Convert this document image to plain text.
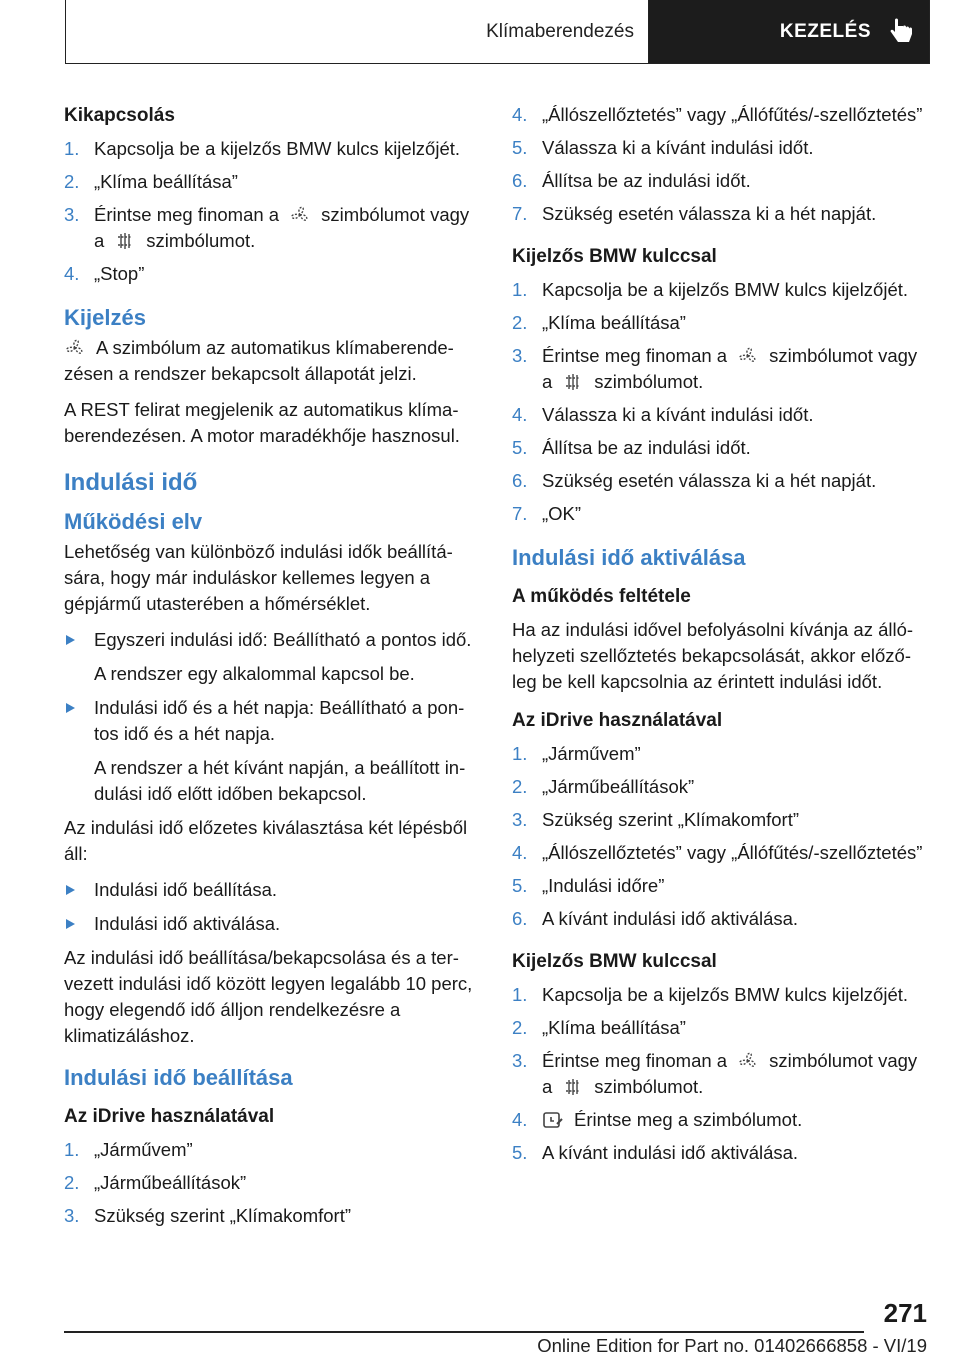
Klímaberendezés	KEZELÉS
Kikapcsolás
1. Kapcsolja be a kijelzős BMW kulcs kijelzőjét.
2. „Klíma beállítása”
3. Érintse meg finoman a szimbólumot vagy a szimbólumot.
4. „Stop”
Kijelzés

A szimbólum az automatikus klímaberendezésen a rendszer bekapcsolt állapotát jelzi.

A REST felirat megjelenik az automatikus klímaberendezésen. A motor maradékhője hasznosul.

Indulási idő
Működési elv

Lehetőség van különböző indulási idők beállítására, hogy már induláskor kellemes legyen a gépjármű utasterében a hőmérséklet.

Egyszeri indulási idő: Beállítható a pontos idő.
A rendszer egy alkalommal kapcsol be.
Indulási idő és a hét napja: Beállítható a pontos idő és a hét napja.
A rendszer a hét kívánt napján, a beállított indulási idő előtt időben bekapcsol.

Az indulási idő előzetes kiválasztása két lépésből áll:

Indulási idő beállítása.
Indulási idő aktiválása.

Az indulási idő beállítása/bekapcsolása és a tervezett indulási idő között legyen legalább 10 perc, hogy elegendő idő álljon rendelkezésre a klimatizáláshoz.

Indulási idő beállítása
Az iDrive használatával
1. „Járművem”
2. „Járműbeállítások”
3. Szükség szerint „Klímakomfort”
4. „Állószellőztetés” vagy „Állófűtés/-szellőztetés”
5. Válassza ki a kívánt indulási időt.
6. Állítsa be az indulási időt.
7. Szükség esetén válassza ki a hét napját.
Kijelzős BMW kulccsal
1. Kapcsolja be a kijelzős BMW kulcs kijelzőjét.
2. „Klíma beállítása”
3. Érintse meg finoman a szimbólumot vagy a szimbólumot.
4. Válassza ki a kívánt indulási időt.
5. Állítsa be az indulási időt.
6. Szükség esetén válassza ki a hét napját.
7. „OK”
Indulási idő aktiválása
A működés feltétele

Ha az indulási idővel befolyásolni kívánja az állóhelyzeti szellőztetés bekapcsolását, akkor előzőleg be kell kapcsolnia az érintett indulási időt.

Az iDrive használatával
1. „Járművem”
2. „Járműbeállítások”
3. Szükség szerint „Klímakomfort”
4. „Állószellőztetés” vagy „Állófűtés/-szellőztetés”
5. „Indulási időre”
6. A kívánt indulási idő aktiválása.
Kijelzős BMW kulccsal
1. Kapcsolja be a kijelzős BMW kulcs kijelzőjét.
2. „Klíma beállítása”
3. Érintse meg finoman a szimbólumot vagy a szimbólumot.
4.	Érintse meg a szimbólumot.
5. A kívánt indulási idő aktiválása.
271
Online Edition for Part no. 01402666858 - VI/19
